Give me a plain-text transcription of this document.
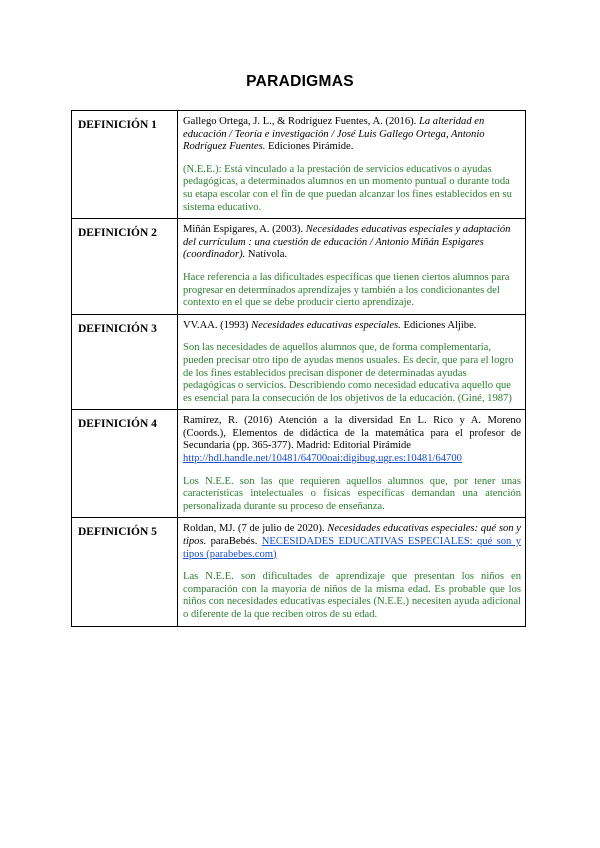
PARADIGMAS
DEFINICIÓN 1	Gallego Ortega, J. L., & Rodríguez Fuentes, A. (2016). La alteridad en educación / Teoría e investigación / José Luis Gallego Ortega, Antonio Rodríguez Fuentes. Ediciones Pirámide.

(N.E.E.): Está vinculado a la prestación de servicios educativos o ayudas pedagógicas, a determinados alumnos en un momento puntual o durante toda su etapa escolar con el fin de que puedan alcanzar los fines establecidos en su sistema educativo.

DEFINICIÓN 2	Miñán Espigares, A. (2003). Necesidades educativas especiales y adaptación del currículum : una cuestión de educación / Antonio Miñán Espigares (coordinador). Natívola.

Hace referencia a las dificultades específicas que tienen ciertos alumnos para progresar en determinados aprendizajes y también a los condicionantes del contexto en el que se debe producir cierto aprendizaje.

DEFINICIÓN 3	VV.AA. (1993) Necesidades educativas especiales. Ediciones Aljibe.

Son las necesidades de aquellos alumnos que, de forma complementaria, pueden precisar otro tipo de ayudas menos usuales. Es decir, que para el logro de los fines establecidos precisan disponer de determinadas ayudas pedagógicas o servicios. Describiendo como necesidad educativa aquello que es esencial para la consecución de los objetivos de la educación. (Giné, 1987)

DEFINICIÓN 4	Ramírez, R. (2016) Atención a la diversidad En L. Rico y A. Moreno (Coords.), Elementos de didáctica de la matemática para el profesor de Secundaria (pp. 365-377). Madrid: Editorial Pirámide
http://hdl.handle.net/10481/64700oai:digibug.ugr.es:10481/64700

Los N.E.E. son las que requieren aquellos alumnos que, por tener unas características intelectuales o físicas específicas demandan una atención personalizada durante su proceso de enseñanza.

DEFINICIÓN 5	Roldan, MJ. (7 de julio de 2020). Necesidades educativas especiales: qué son y tipos. paraBebés. NECESIDADES EDUCATIVAS ESPECIALES: qué son y tipos (parabebes.com)

Las N.E.E. son dificultades de aprendizaje que presentan los niños en comparación con la mayoría de niños de la misma edad. Es probable que los niños con necesidades educativas especiales (N.E.E.) necesiten ayuda adicional o diferente de la que reciben otros de su edad.
